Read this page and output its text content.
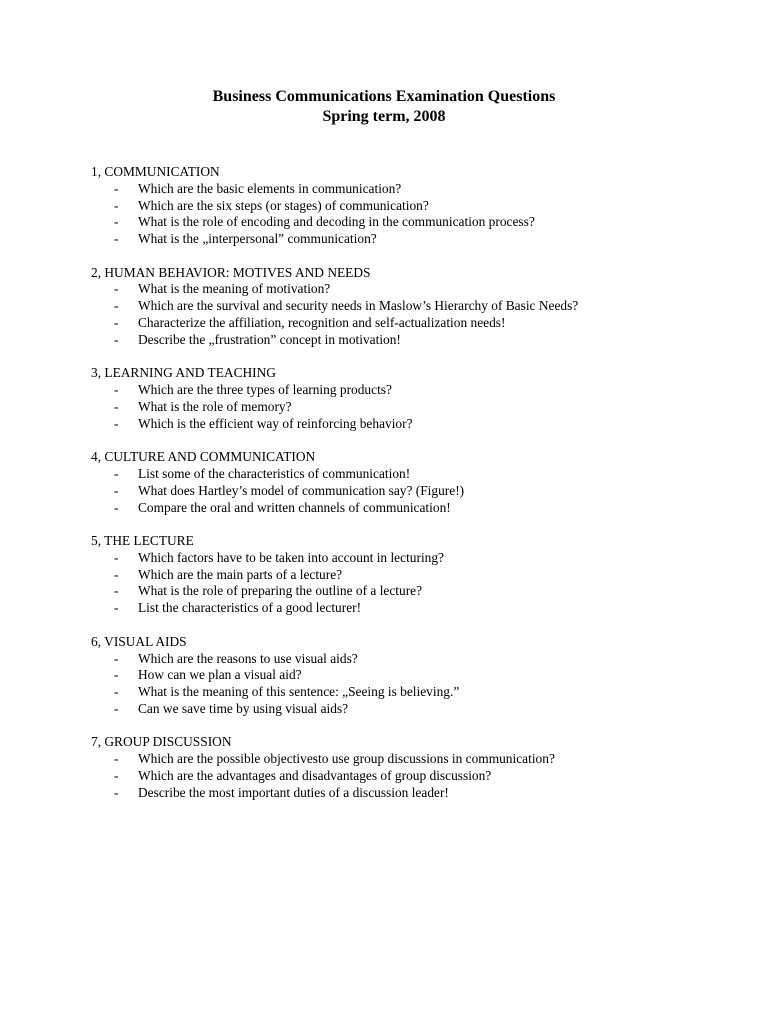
Business Communications Examination Questions
Spring term, 2008
1, COMMUNICATION
- Which are the basic elements in communication?
- Which are the six steps (or stages) of communication?
- What is the role of encoding and decoding in the communication process?
- What is the „interpersonal” communication?
2, HUMAN BEHAVIOR: MOTIVES AND NEEDS
- What is the meaning of motivation?
- Which are the survival and security needs in Maslow’s Hierarchy of Basic Needs?
- Characterize the affiliation, recognition and self-actualization needs!
- Describe the „frustration” concept in motivation!
3, LEARNING AND TEACHING
- Which are the three types of learning products?
- What is the role of memory?
- Which is the efficient way of reinforcing behavior?
4, CULTURE AND COMMUNICATION
- List some of the characteristics of communication!
- What does Hartley’s model of communication say? (Figure!)
- Compare the oral and written channels of communication!
5, THE LECTURE
- Which factors have to be taken into account in lecturing?
- Which are the main parts of a lecture?
- What is the role of preparing the outline of a lecture?
- List the characteristics of a good lecturer!
6, VISUAL AIDS
- Which are the reasons to use visual aids?
- How can we plan a visual aid?
- What is the meaning of this sentence: „Seeing is believing.”
- Can we save time by using visual aids?
7, GROUP DISCUSSION
- Which are the possible objectivesto use group discussions in communication?
- Which are the advantages and disadvantages of group discussion?
- Describe the most important duties of a discussion leader!
